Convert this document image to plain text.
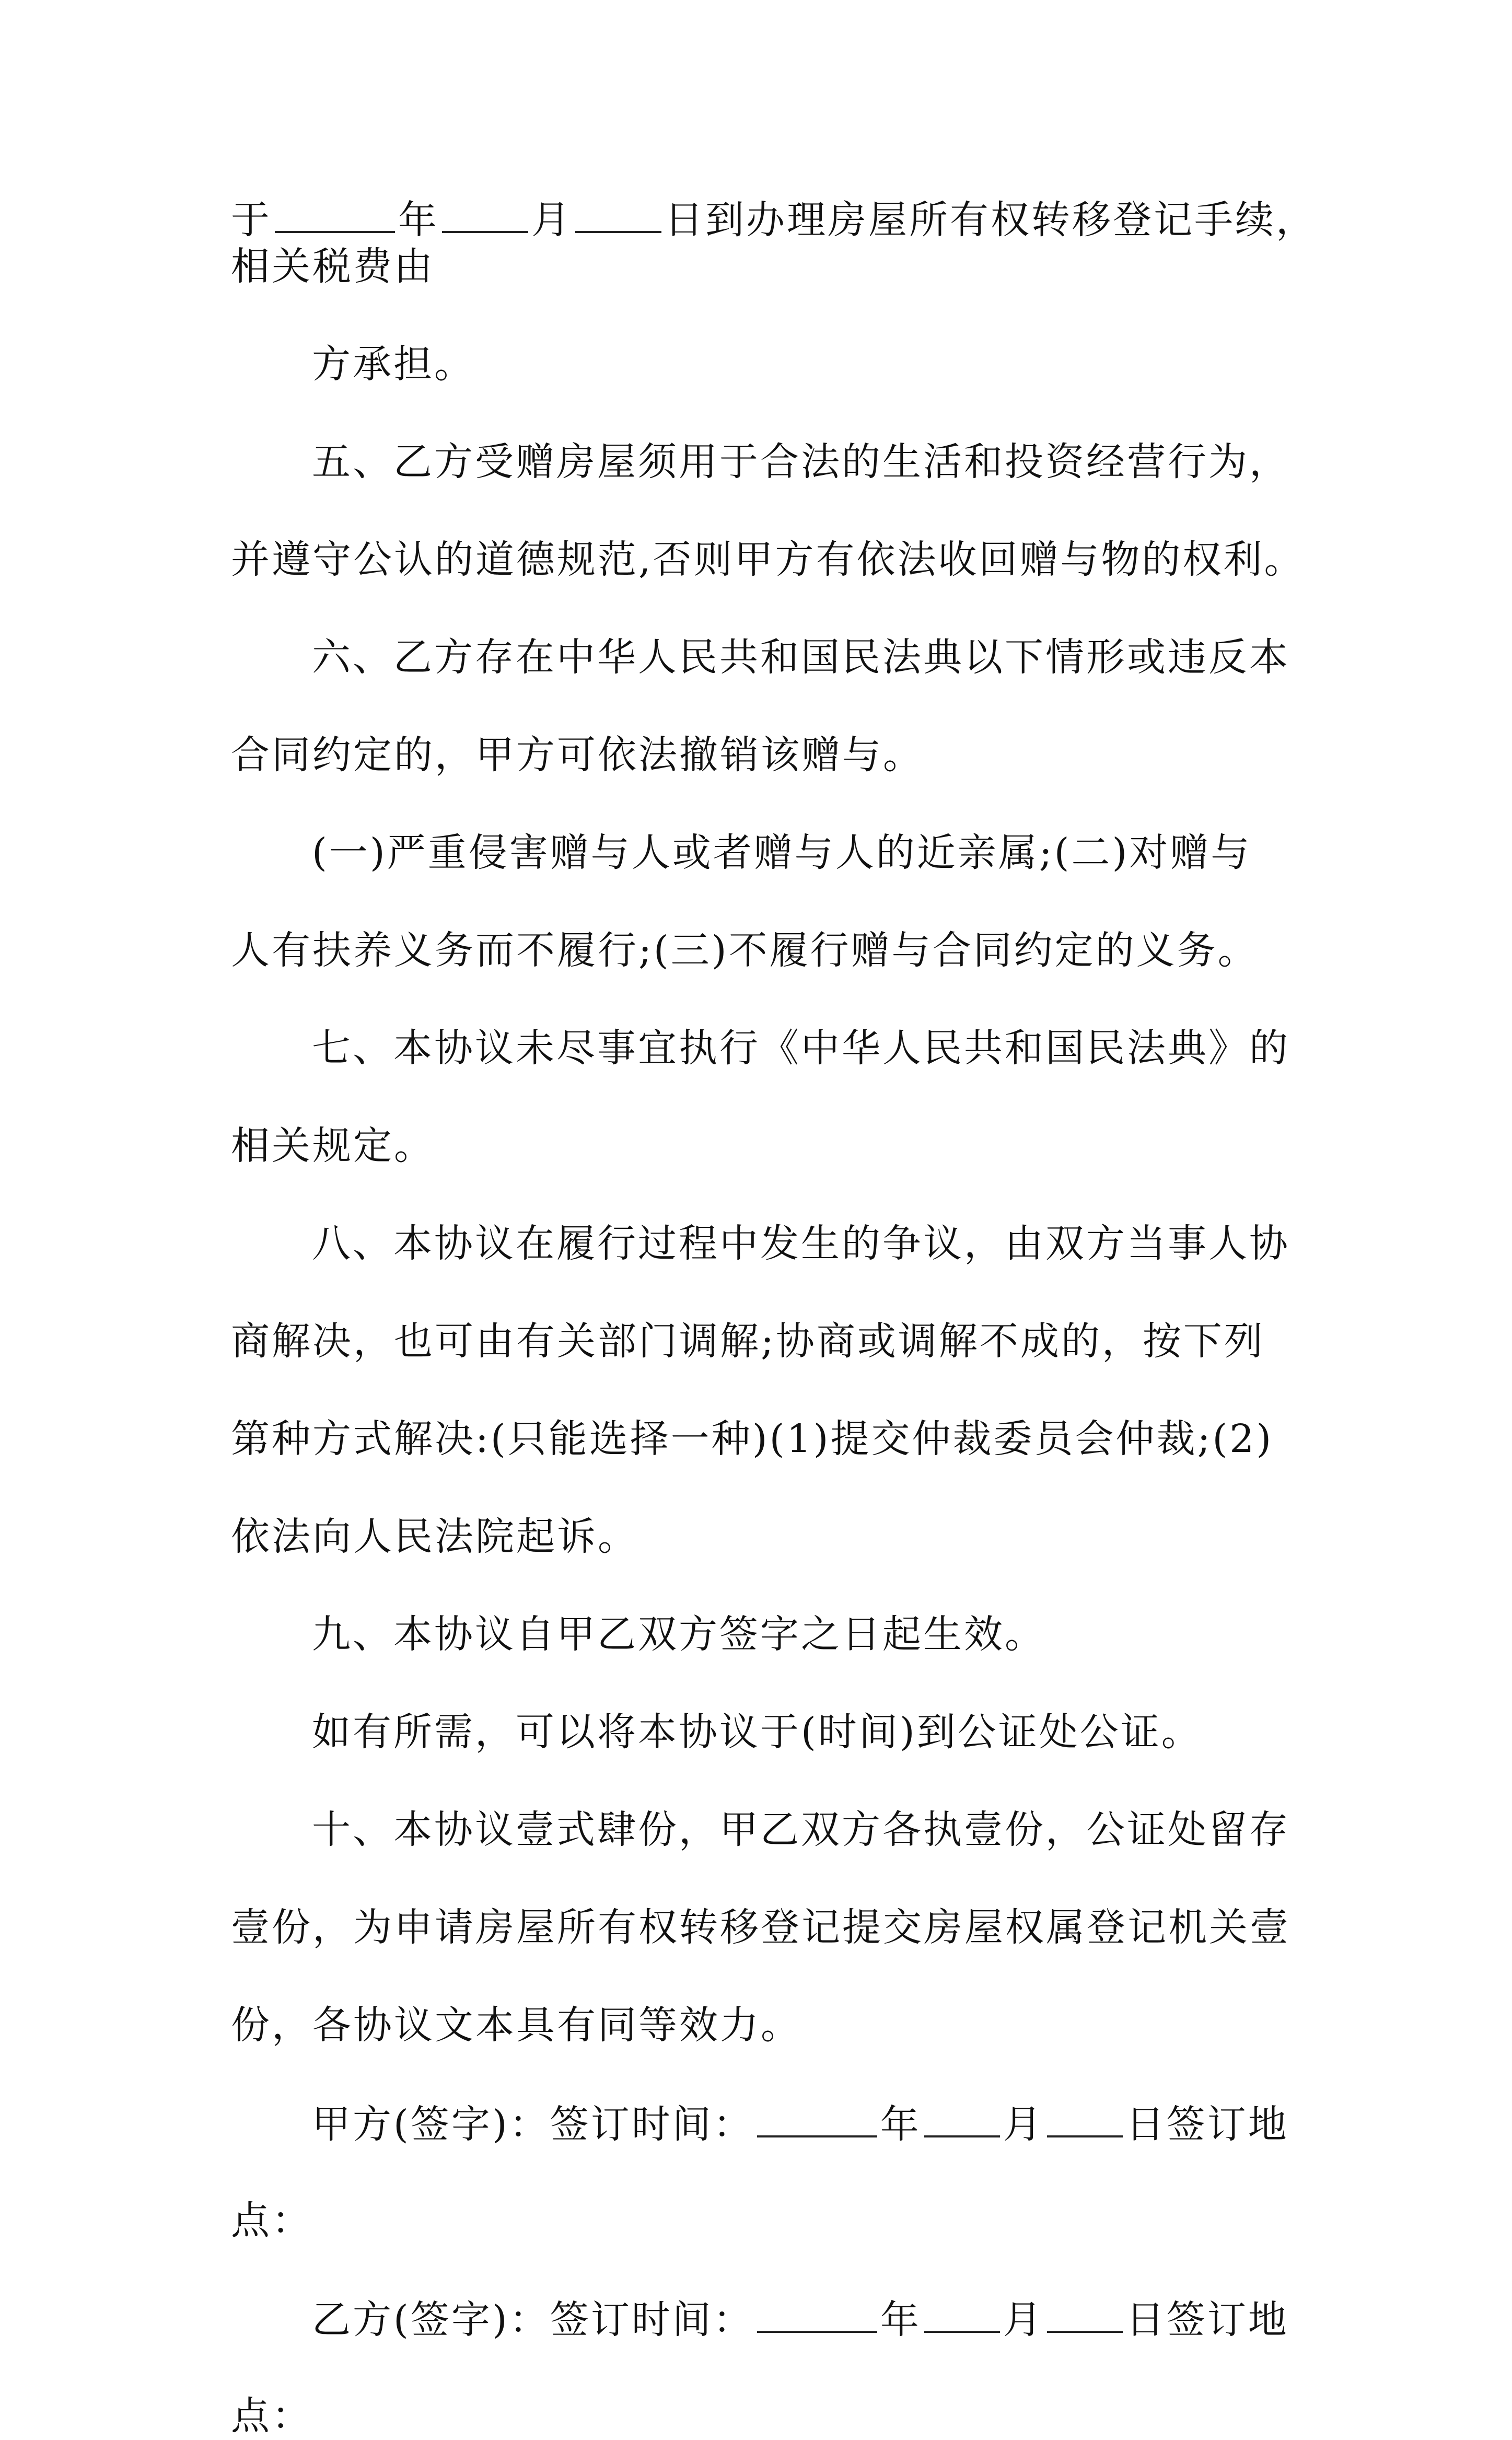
于	年 月 日到办理房屋所有权转移登记手续，
相关税费由
方承担。
五、乙方受赠房屋须用于合法的生活和投资经营行为，
并遵守公认的道德规范,否则甲方有依法收回赠与物的权利。
六、乙方存在中华人民共和国民法典以下情形或违反本
合同约定的，甲方可依法撤销该赠与。
(一)严重侵害赠与人或者赠与人的近亲属;(二)对赠与
人有扶养义务而不履行;(三)不履行赠与合同约定的义务。
七、本协议未尽事宜执行《中华人民共和国民法典》的
相关规定。
八、本协议在履行过程中发生的争议，由双方当事人协
商解决，也可由有关部门调解;协商或调解不成的，按下列
第种方式解决:(只能选择一种)(1)提交仲裁委员会仲裁;(2)
依法向人民法院起诉。
九、本协议自甲乙双方签字之日起生效。
如有所需，可以将本协议于(时间)到公证处公证。
十、本协议壹式肆份，甲乙双方各执壹份，公证处留存
壹份，为申请房屋所有权转移登记提交房屋权属登记机关壹
份，各协议文本具有同等效力。
甲方(签字)：签订时间：	年 月 日签订地
点：
乙方(签字)：签订时间：	年 月 日签订地
点：
